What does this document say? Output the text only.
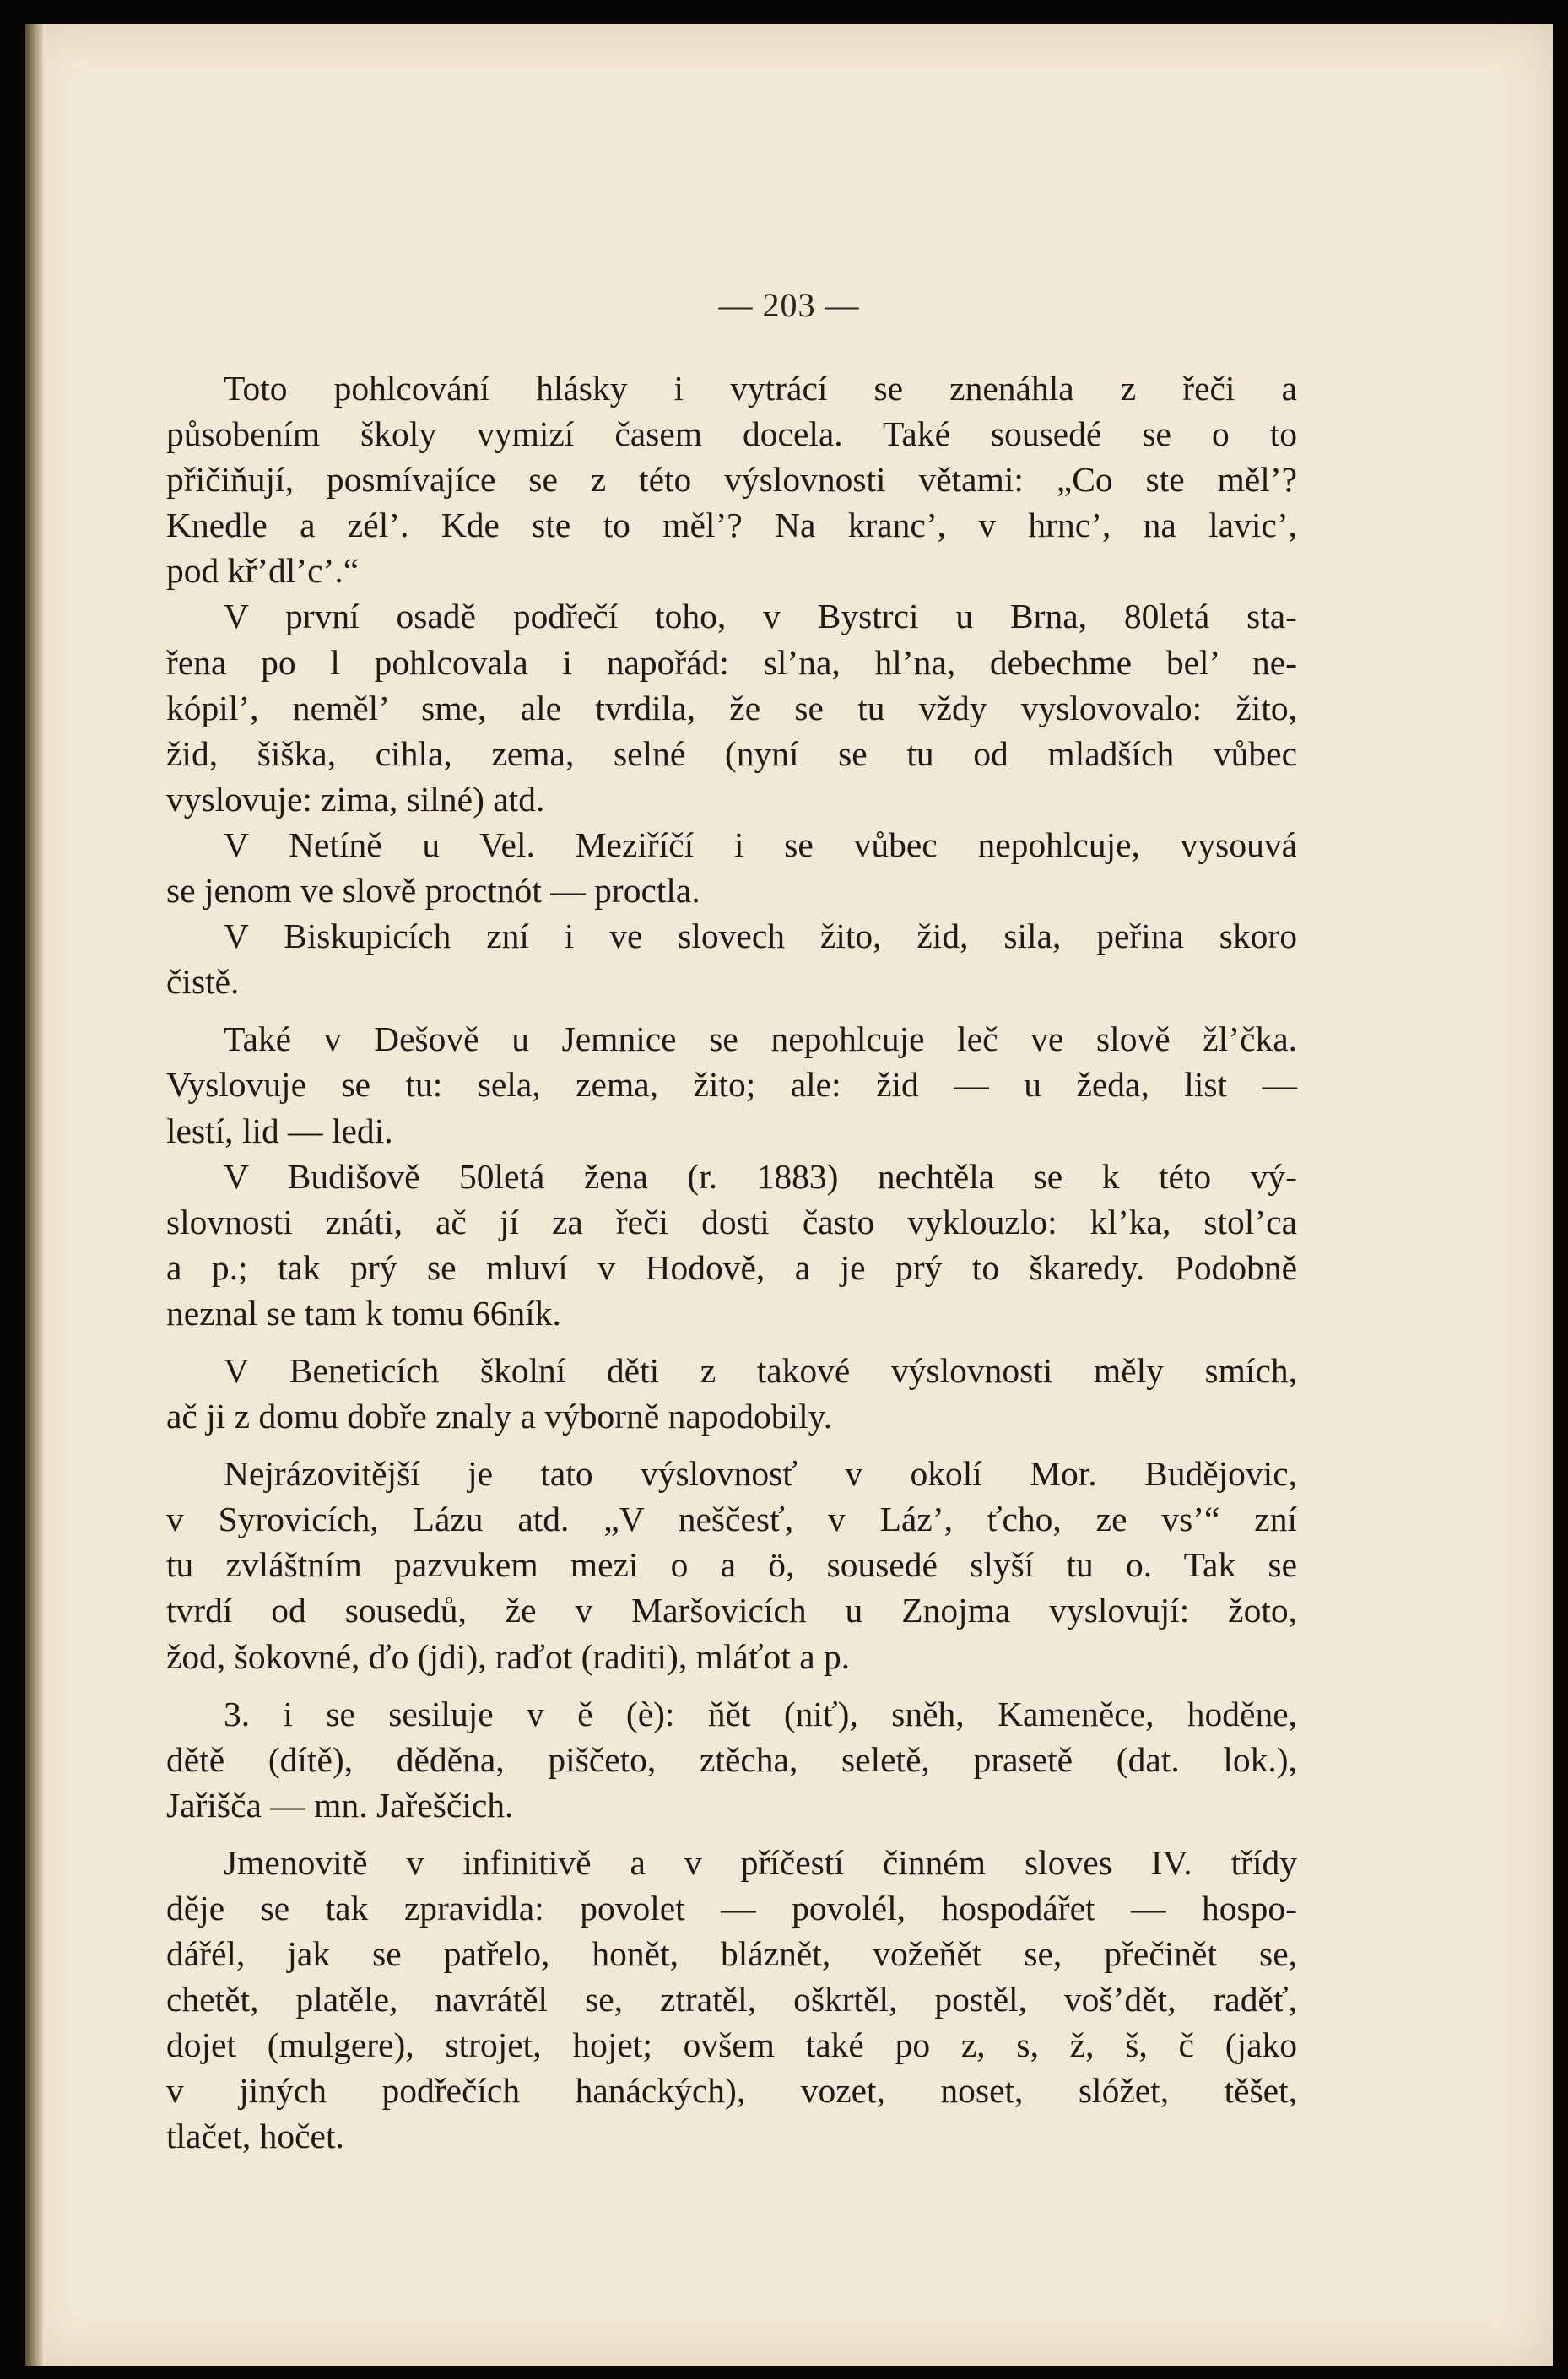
— 203 —
Toto pohlcování hlásky i vytrácí se znenáhla z řeči a
působením školy vymizí časem docela. Také sousedé se o to
přičiňují, posmívajíce se z této výslovnosti větami: „Co ste měl’?
Knedle a zél’. Kde ste to měl’? Na kranc’, v hrnc’, na lavic’,
pod kř’dl’c’.“
V první osadě podřečí toho, v Bystrci u Brna, 80letá sta-
řena po l pohlcovala i napořád: sl’na, hl’na, debechme bel’ ne-
kópil’, neměl’ sme, ale tvrdila, že se tu vždy vyslovovalo: žito,
žid, šiška, cihla, zema, selné (nyní se tu od mladších vůbec
vyslovuje: zima, silné) atd.
V Netíně u Vel. Meziříčí i se vůbec nepohlcuje, vysouvá
se jenom ve slově proctnót — proctla.
V Biskupicích zní i ve slovech žito, žid, sila, peřina skoro
čistě.
Také v Dešově u Jemnice se nepohlcuje leč ve slově žl’čka.
Vyslovuje se tu: sela, zema, žito; ale: žid — u žeda, list —
lestí, lid — ledi.
V Budišově 50letá žena (r. 1883) nechtěla se k této vý-
slovnosti znáti, ač jí za řeči dosti často vyklouzlo: kl’ka, stol’ca
a p.; tak prý se mluví v Hodově, a je prý to škaredy. Podobně
neznal se tam k tomu 66ník.
V Beneticích školní děti z takové výslovnosti měly smích,
ač ji z domu dobře znaly a výborně napodobily.
Nejrázovitější je tato výslovnosť v okolí Mor. Budějovic,
v Syrovicích, Lázu atd. „V neščesť, v Láz’, ťcho, ze vs’“ zní
tu zvláštním pazvukem mezi o a ö, sousedé slyší tu o. Tak se
tvrdí od sousedů, že v Maršovicích u Znojma vyslovují: žoto,
žod, šokovné, ďo (jdi), raďot (raditi), mláťot a p.
3. i se sesiluje v ě (è): ňět (niť), sněh, Kameněce, hoděne,
dětě (dítě), děděna, piščeto, ztěcha, seletě, prasetě (dat. lok.),
Jařišča — mn. Jařeščich.
Jmenovitě v infinitivě a v příčestí činném sloves IV. třídy
děje se tak zpravidla: povolet — povolél, hospodářet — hospo-
dářél, jak se patřelo, honět, bláznět, vožeňět se, přečinět se,
chetět, platěle, navrátěl se, ztratěl, oškrtěl, postěl, voš’dět, raděť,
dojet (mulgere), strojet, hojet; ovšem také po z, s, ž, š, č (jako
v jiných podřečích hanáckých), vozet, noset, slóžet, těšet,
tlačet, hočet.
